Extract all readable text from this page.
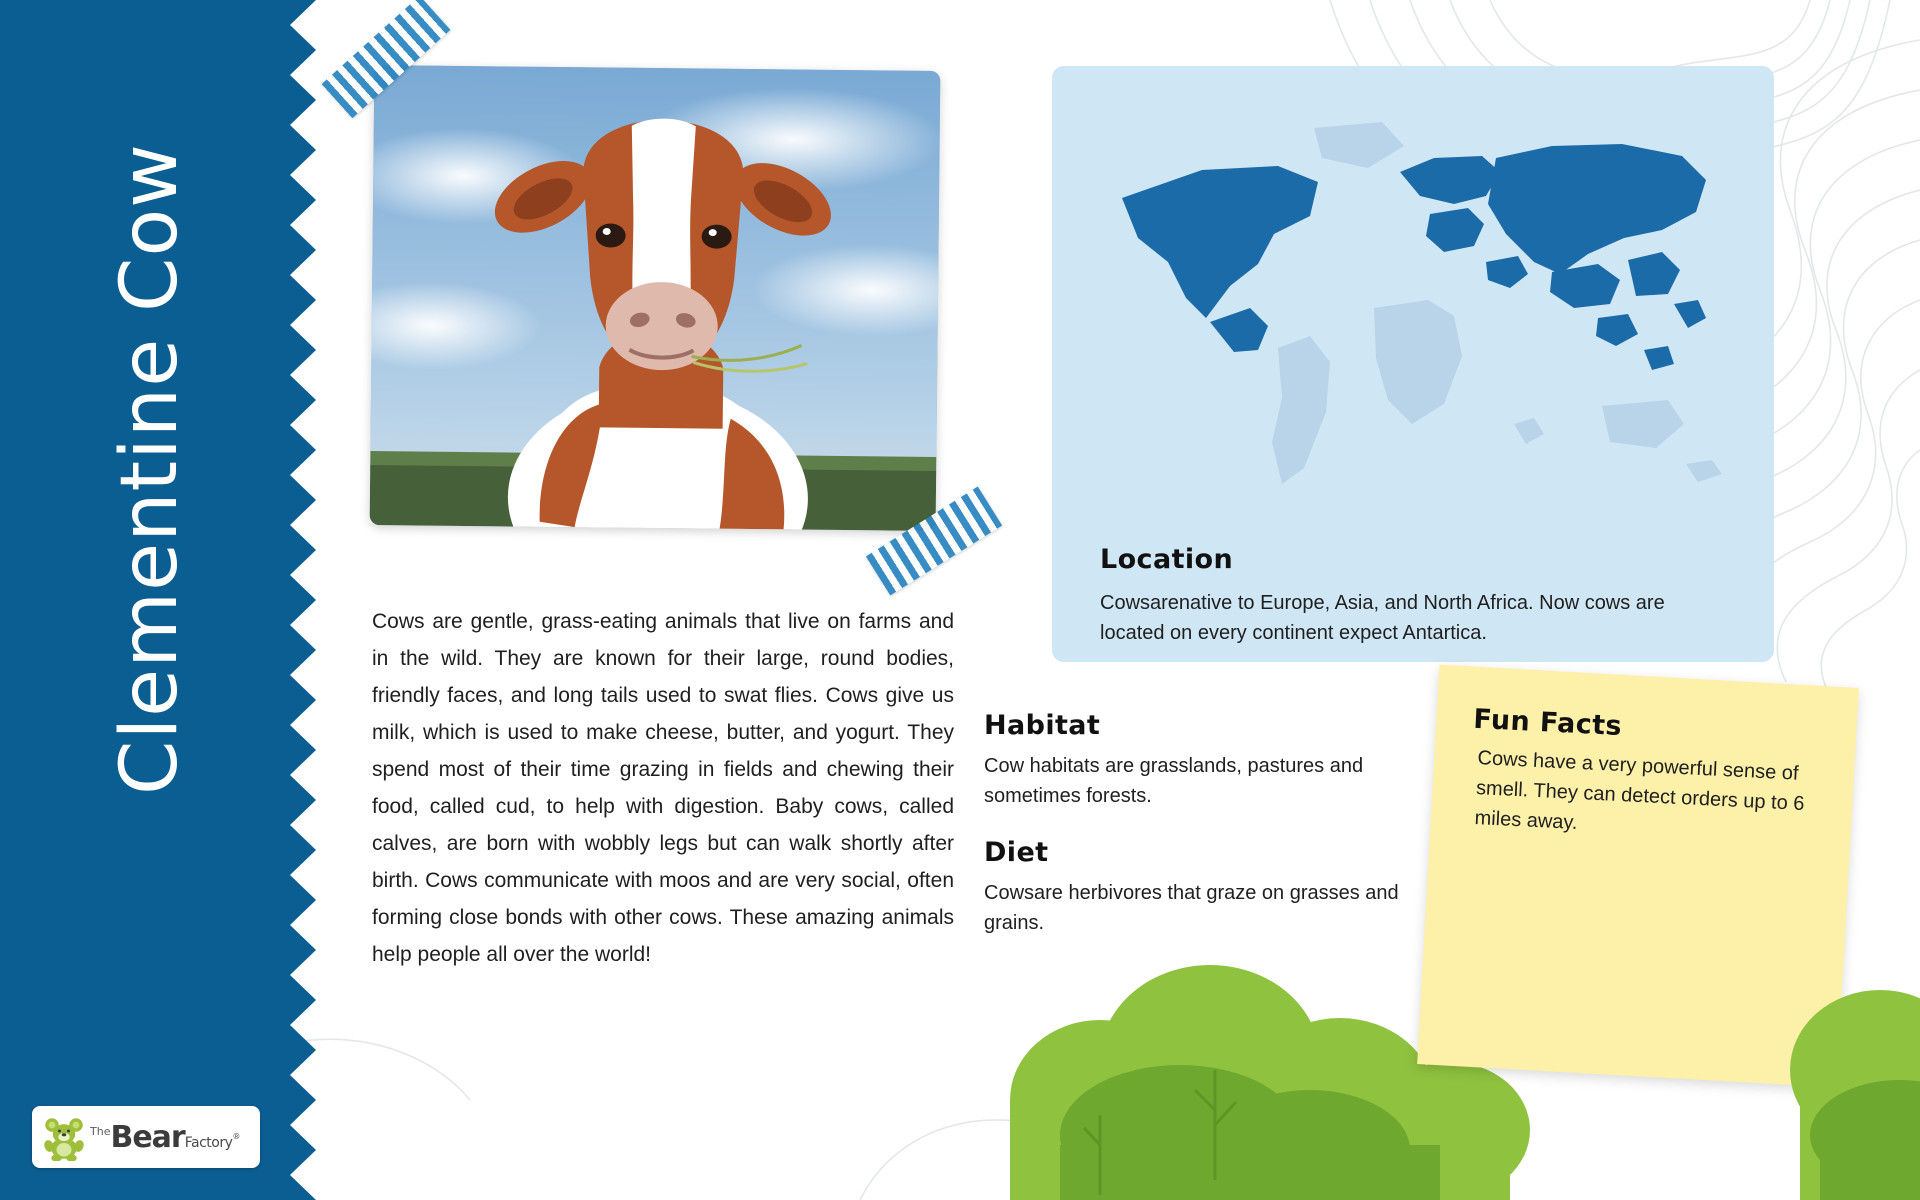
Clementine Cow
The Bear Factory ®

Cows are gentle, grass-eating animals that live on farms and in the wild. They are known for their large, round bodies, friendly faces, and long tails used to swat flies. Cows give us milk, which is used to make cheese, butter, and yogurt. They spend most of their time grazing in fields and chewing their food, called cud, to help with digestion. Baby cows, called calves, are born with wobbly legs but can walk shortly after birth. Cows communicate with moos and are very social, often forming close bonds with other cows. These amazing animals help people all over the world!

Location
Cowsarenative to Europe, Asia, and North Africa. Now cows are located on every continent expect Antartica.
Habitat

Cow habitats are grasslands, pastures and sometimes forests.

Diet

Cowsare herbivores that graze on grasses and grains.

Fun Facts

Cows have a very powerful sense of smell. They can detect orders up to 6 miles away.
